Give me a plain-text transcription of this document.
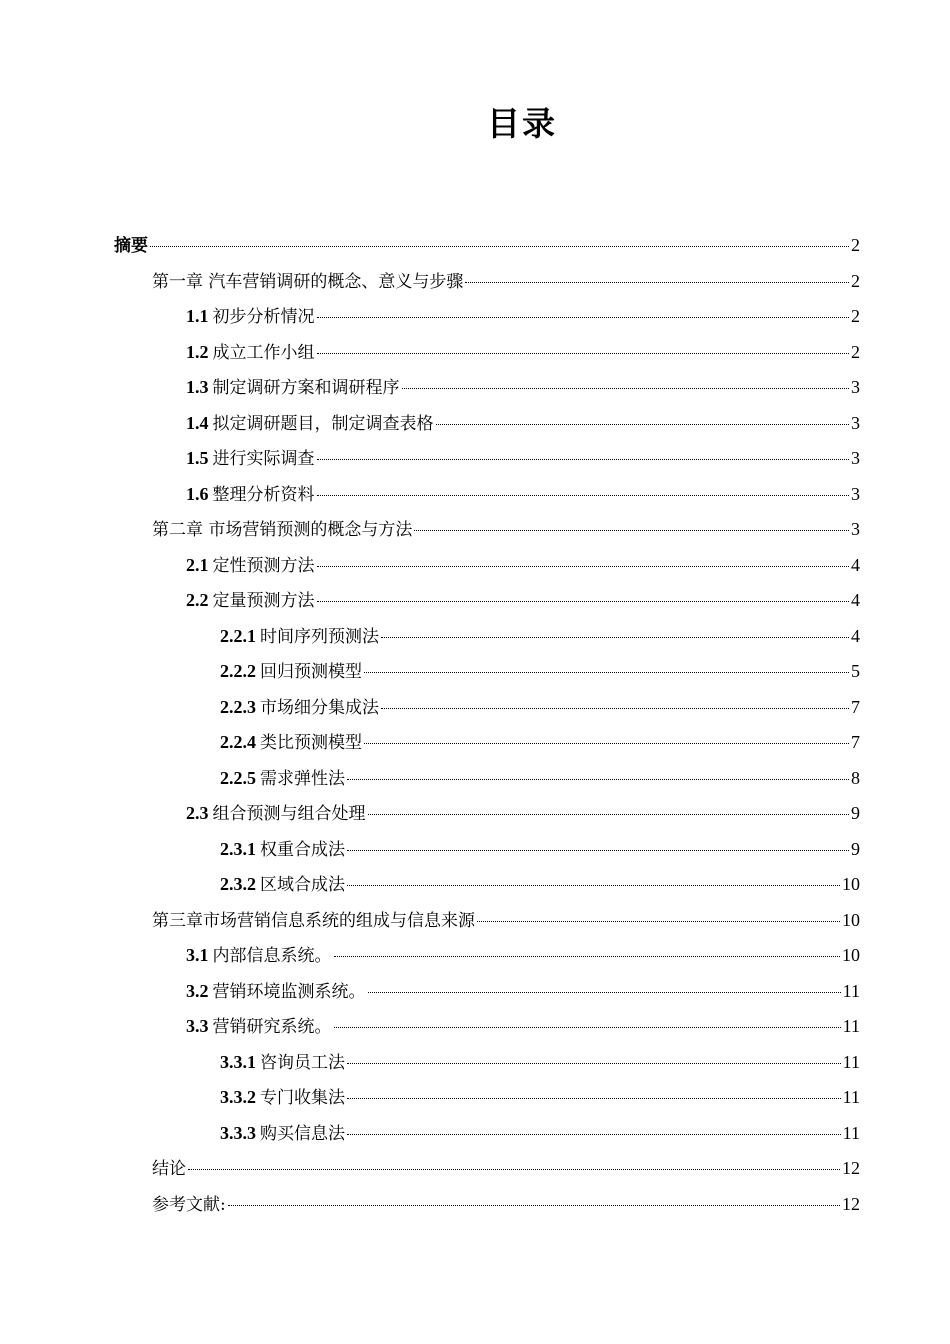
目录
摘要	2
第一章 汽车营销调研的概念、意义与步骤	2
1.1 初步分析情况	2
1.2 成立工作小组	2
1.3 制定调研方案和调研程序	3
1.4 拟定调研题目，制定调查表格	3
1.5 进行实际调查	3
1.6 整理分析资料	3
第二章 市场营销预测的概念与方法	3
2.1 定性预测方法	4
2.2 定量预测方法	4
2.2.1 时间序列预测法	4
2.2.2 回归预测模型	5
2.2.3 市场细分集成法	7
2.2.4 类比预测模型	7
2.2.5 需求弹性法	8
2.3 组合预测与组合处理	9
2.3.1 权重合成法	9
2.3.2 区域合成法	10
第三章市场营销信息系统的组成与信息来源	10
3.1 内部信息系统。	10
3.2 营销环境监测系统。	11
3.3 营销研究系统。	11
3.3.1 咨询员工法	11
3.3.2 专门收集法	11
3.3.3 购买信息法	11
结论	12
参考文献:	12
